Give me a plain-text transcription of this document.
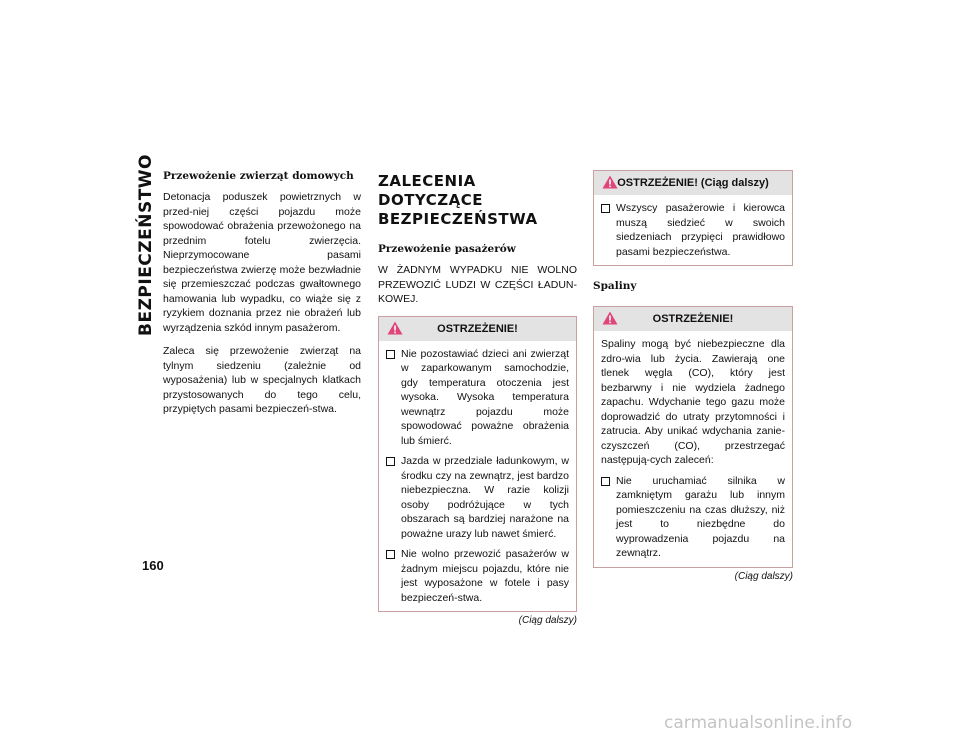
BEZPIECZEŃSTWO
160
Przewożenie zwierząt domowych

Detonacja poduszek powietrznych w przed-niej części pojazdu może spowodować obrażenia przewożonego na przednim fotelu zwierzęcia. Nieprzymocowane pasami bezpieczeństwa zwierzę może bezwładnie się przemieszczać podczas gwałtownego hamowania lub wypadku, co wiąże się z ryzykiem doznania przez nie obrażeń lub wyrządzenia szkód innym pasażerom.

Zaleca się przewożenie zwierząt na tylnym siedzeniu (zależnie od wyposażenia) lub w specjalnych klatkach przystosowanych do tego celu, przypiętych pasami bezpieczeń-stwa.

ZALECENIA DOTYCZĄCE BEZPIECZEŃSTWA
Przewożenie pasażerów

W ŻADNYM WYPADKU NIE WOLNO PRZEWOZIĆ LUDZI W CZĘŚCI ŁADUN-KOWEJ.

OSTRZEŻENIE!
Nie pozostawiać dzieci ani zwierząt w zaparkowanym samochodzie, gdy temperatura otoczenia jest wysoka. Wysoka temperatura wewnątrz pojazdu może spowodować poważne obrażenia lub śmierć.
Jazda w przedziale ładunkowym, w środku czy na zewnątrz, jest bardzo niebezpieczna. W razie kolizji osoby podróżujące w tych obszarach są bardziej narażone na poważne urazy lub nawet śmierć.
Nie wolno przewozić pasażerów w żadnym miejscu pojazdu, które nie jest wyposażone w fotele i pasy bezpieczeń-stwa.
(Ciąg dalszy)
OSTRZEŻENIE! (Ciąg dalszy)
Wszyscy pasażerowie i kierowca muszą siedzieć w swoich siedzeniach przypięci prawidłowo pasami bezpieczeństwa.
Spaliny
OSTRZEŻENIE!

Spaliny mogą być niebezpieczne dla zdro-wia lub życia. Zawierają one tlenek węgla (CO), który jest bezbarwny i nie wydziela żadnego zapachu. Wdychanie tego gazu może doprowadzić do utraty przytomności i zatrucia. Aby unikać wdychania zanie-czyszczeń (CO), przestrzegać następują-cych zaleceń:

Nie uruchamiać silnika w zamkniętym garażu lub innym pomieszczeniu na czas dłuższy, niż jest to niezbędne do wyprowadzenia pojazdu na zewnątrz.
(Ciąg dalszy)
carmanualsonline.info
